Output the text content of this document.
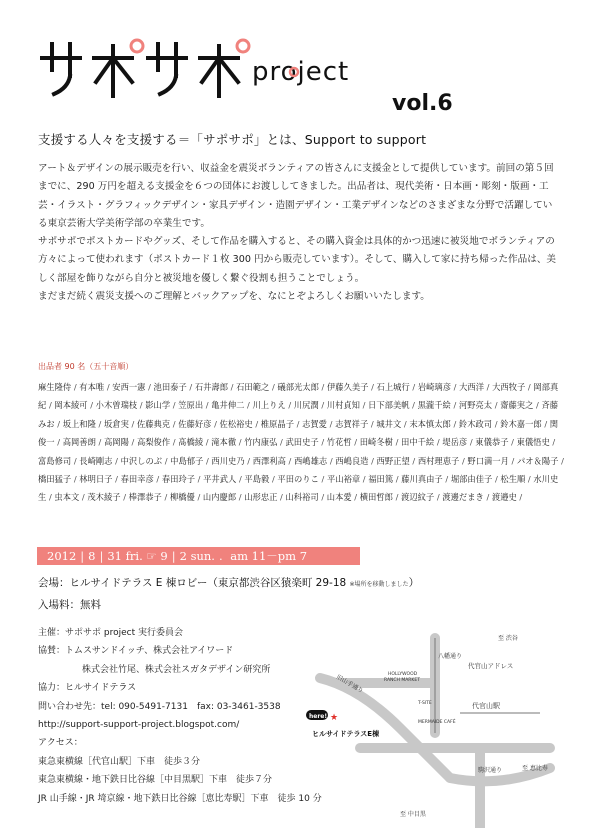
project
vol.6
支援する人々を支援する＝「サポサポ」とは、Support to support

アート＆デザインの展示販売を行い、収益金を震災ボランティアの皆さんに支援金として提供しています。前回の第５回までに、290 万円を超える支援金を６つの団体にお渡ししてきました。出品者は、現代美術・日本画・彫刻・版画・工芸・イラスト・グラフィックデザイン・家具デザイン・造園デザイン・工業デザインなどのさまざまな分野で活躍している東京芸術大学美術学部の卒業生です。

サポサポでポストカードやグッズ、そして作品を購入すると、その購入資金は具体的かつ迅速に被災地でボランティアの方々によって使われます（ポストカード１枚 300 円から販売しています）。そして、購入して家に持ち帰った作品は、美しく部屋を飾りながら自分と被災地を優しく繋ぐ役割も担うことでしょう。

まだまだ続く震災支援へのご理解とバックアップを、なにとぞよろしくお願いいたします。

出品者 90 名（五十音順）
麻生隆侍 / 有本唯 / 安西一憲 / 池田泰子 / 石井壽郎 / 石田範之 / 礒部光太郎 / 伊藤久美子 / 石上城行 / 岩崎璃彦 / 大西洋 / 大西牧子 / 岡部真紀 / 岡本綾可 / 小木曽瑞枝 / 影山学 / 笠原出 / 亀井伸二 / 川上りえ / 川尻潤 / 川村貞知 / 日下部美帆 / 黒瀧千絵 / 河野亮太 / 齋藤実之 / 斉藤みお / 坂上和隆 / 坂倉実 / 佐藤典克 / 佐藤好彦 / 佐松裕史 / 椎原晶子 / 志賀愛 / 志賀祥子 / 城井文 / 末本慎太郎 / 鈴木政司 / 鈴木嘉一郎 / 関俊一 / 高岡善朗 / 高岡陽 / 高梨俊作 / 髙橋綾 / 滝本徹 / 竹内康弘 / 武田史子 / 竹花哲 / 田崎冬樹 / 田中千絵 / 堤岳彦 / 東儀恭子 / 東儀悟史 / 富島修司 / 長崎剛志 / 中沢しのぶ / 中島郁子 / 西川史乃 / 西澤利高 / 西嶋雄志 / 西嶋良造 / 西野正望 / 西村理恵子 / 野口満一月 / パオ＆陽子 / 橋田猛子 / 林明日子 / 春田幸彦 / 春田玲子 / 平井武人 / 平島毅 / 平田のりこ / 平山裕章 / 福田篤 / 藤川真由子 / 堀部由佳子 / 松生順 / 水川史生 / 虫本文 / 茂木綾子 / 棒澤恭子 / 柳橋優 / 山内慶郎 / 山形忠正 / 山科裕司 / 山本愛 / 横田哲郎 / 渡辺紋子 / 渡邊だまき / 渡邉史 /
2012 | 8 | 31 fri. ☞ 9 | 2 sun. . am 11－pm 7
会場：ヒルサイドテラス E 棟ロビー（東京都渋谷区猿楽町 29-18 ※場所を移動しました）
入場料：無料
主催：サポサポ project 実行委員会
協賛：トムスサンドイッチ、株式会社アイワード
株式会社竹尾、株式会社スガタデザイン研究所
協力：ヒルサイドテラス
問い合わせ先：tel: 090-5491-7131　fax: 03-3461-3538
http://support-support-project.blogspot.com/
アクセス：
東急東横線［代官山駅］下車　徒歩３分
東急東横線・地下鉄日比谷線［中目黒駅］下車　徒歩７分
JR 山手線・JR 埼京線・地下鉄日比谷線［恵比寿駅］下車　徒歩 10 分
至 渋谷
八幡通り
代官山アドレス
HOLLYWOOD
RANCH MARKET
旧山手通り
T-SITE	代官山駅
MERMAIDE CAFÉ
here!! ★
ヒルサイドテラスE棟
駒沢通り	至 恵比寿
至 中目黒
